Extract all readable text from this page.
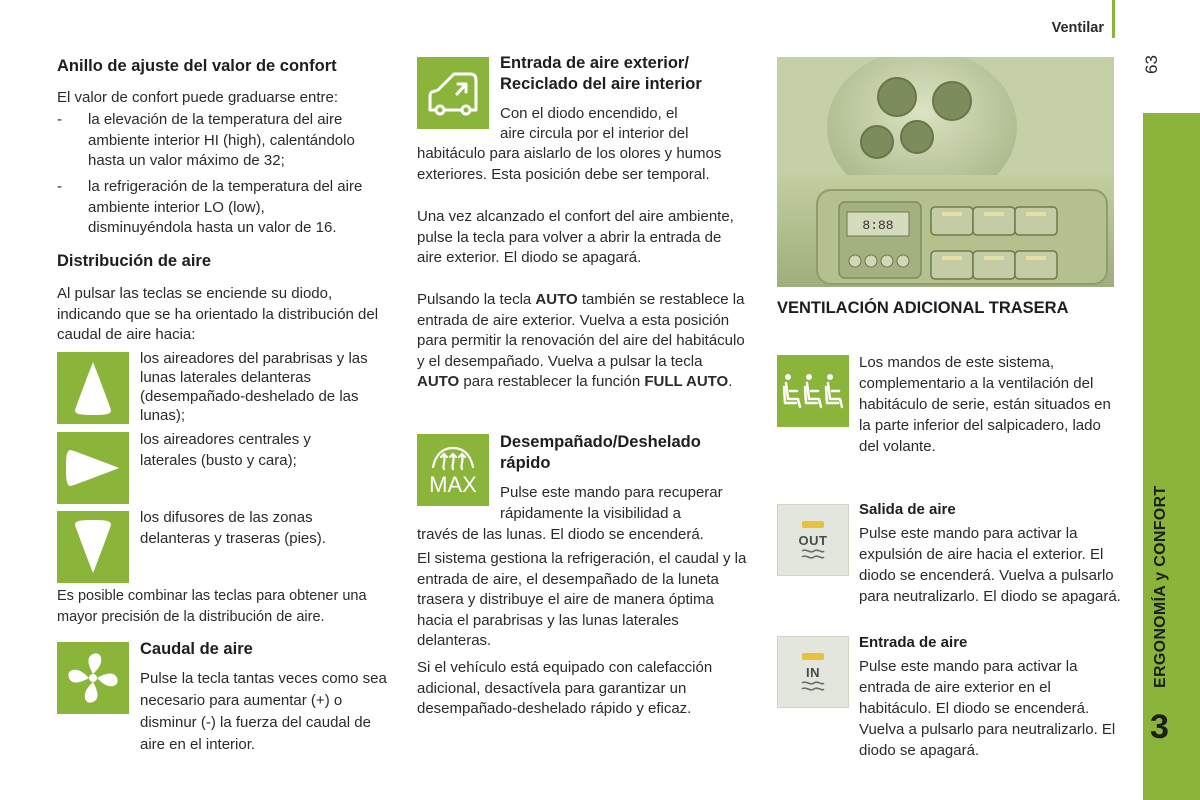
Ventilar
63
3
Anillo de ajuste del valor de confort
El valor de confort puede graduarse entre:
- la elevación de la temperatura del aire ambiente interior HI (high), calentándolo hasta un valor máximo de 32;
- la refrigeración de la temperatura del aire ambiente interior LO (low), disminuyéndola hasta un valor de 16.
Distribución de aire
Al pulsar las teclas se enciende su diodo, indicando que se ha orientado la distribución del caudal de aire hacia:
los aireadores del parabrisas y las lunas laterales delanteras (desempañado-deshelado de las lunas);
los aireadores centrales y laterales (busto y cara);
los difusores de las zonas delanteras y traseras (pies).
Es posible combinar las teclas para obtener una mayor precisión de la distribución de aire.
Caudal de aire
Pulse la tecla tantas veces como sea necesario para aumentar (+) o disminur (-) la fuerza del caudal de aire en el interior.
Entrada de aire exterior/
Reciclado del aire interior
Con el diodo encendido, el
aire circula por el interior del
habitáculo para aislarlo de los olores y humos exteriores. Esta posición debe ser temporal.
Una vez alcanzado el confort del aire ambiente, pulse la tecla para volver a abrir la entrada de aire exterior. El diodo se apagará.
Pulsando la tecla AUTO también se restablece la entrada de aire exterior. Vuelva a esta posición para permitir la renovación del aire del habitáculo y el desempañado. Vuelva a pulsar la tecla AUTO para restablecer la función FULL AUTO.
MAX
Desempañado/Deshelado
rápido
Pulse este mando para recuperar
rápidamente la visibilidad a
través de las lunas. El diodo se encenderá.
El sistema gestiona la refrigeración, el caudal y la entrada de aire, el desempañado de la luneta trasera y distribuye el aire de manera óptima hacia el parabrisas y las lunas laterales delanteras.
Si el vehículo está equipado con calefacción adicional, desactívela para garantizar un desempañado-deshelado rápido y eficaz.
8:88
VENTILACIÓN ADICIONAL TRASERA
Los mandos de este sistema, complementario a la ventilación del habitáculo de serie, están situados en la parte inferior del salpicadero, lado del volante.
OUT
Salida de aire
Pulse este mando para activar la expulsión de aire hacia el exterior. El diodo se encenderá. Vuelva a pulsarlo para neutralizarlo. El diodo se apagará.
IN
Entrada de aire
Pulse este mando para activar la entrada de aire exterior en el habitáculo. El diodo se encenderá. Vuelva a pulsarlo para neutralizarlo. El diodo se apagará.
